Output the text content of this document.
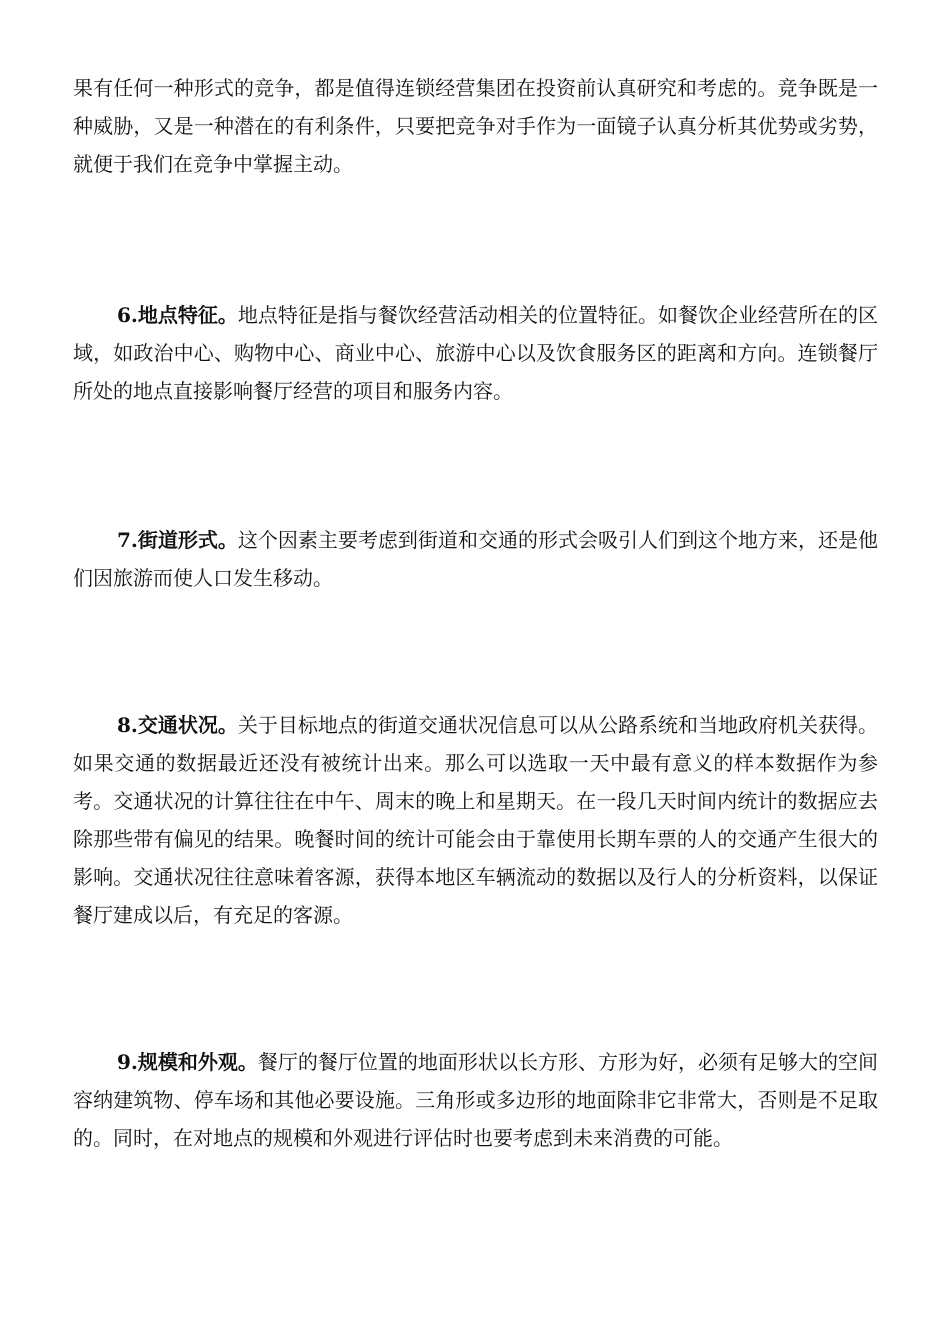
果有任何一种形式的竞争，都是值得连锁经营集团在投资前认真研究和考虑的。竞争既是一种威胁，又是一种潜在的有利条件，只要把竞争对手作为一面镜子认真分析其优势或劣势，就便于我们在竞争中掌握主动。

6.地点特征。地点特征是指与餐饮经营活动相关的位置特征。如餐饮企业经营所在的区域，如政治中心、购物中心、商业中心、旅游中心以及饮食服务区的距离和方向。连锁餐厅所处的地点直接影响餐厅经营的项目和服务内容。

7.街道形式。这个因素主要考虑到街道和交通的形式会吸引人们到这个地方来，还是他们因旅游而使人口发生移动。

8.交通状况。关于目标地点的街道交通状况信息可以从公路系统和当地政府机关获得。如果交通的数据最近还没有被统计出来。那么可以选取一天中最有意义的样本数据作为参考。交通状况的计算往往在中午、周末的晚上和星期天。在一段几天时间内统计的数据应去除那些带有偏见的结果。晚餐时间的统计可能会由于靠使用长期车票的人的交通产生很大的影响。交通状况往往意味着客源，获得本地区车辆流动的数据以及行人的分析资料，以保证餐厅建成以后，有充足的客源。

9.规模和外观。餐厅的餐厅位置的地面形状以长方形、方形为好，必须有足够大的空间容纳建筑物、停车场和其他必要设施。三角形或多边形的地面除非它非常大，否则是不足取的。同时，在对地点的规模和外观进行评估时也要考虑到未来消费的可能。
